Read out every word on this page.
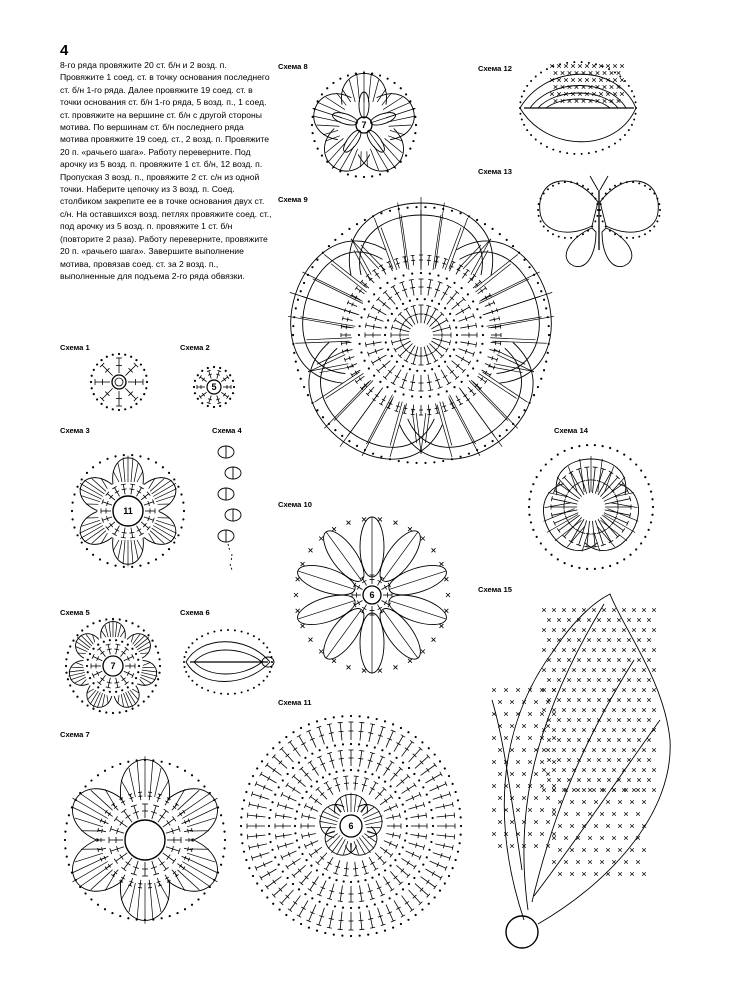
4

8-го ряда провяжите 20 ст. б/н и 2 возд. п. Провяжите 1 соед. ст. в точку основания последнего ст. б/н 1-го ряда. Далее провяжите 19 соед. ст. в точки основания ст. б/н 1-го ряда, 5 возд. п., 1 соед. ст. провяжите на вершине ст. б/н с другой стороны мотива. По вершинам ст. б/н последнего ряда мотива провяжите 19 соед. ст., 2 возд. п. Провяжите 20 п. «рачьего шага». Работу переверните. Под арочку из 5 возд. п. провяжите 1 ст. б/н, 12 возд. п. Пропуская 3 возд. п., провяжите 2 ст. с/н из одной точки. Наберите цепочку из 3 возд. п. Соед. столбиком закрепите ее в точке основания двух ст. с/н. На оставшихся возд. петлях провяжите соед. ст., под арочку из 5 возд. п. провяжите 1 ст. б/н (повторите 2 раза). Работу переверните, провяжите 20 п. «рачьего шага». Завершите выполнение мотива, провязав соед. ст. за 2 возд. п., выполненные для подъема 2-го ряда обвязки.

Схема 1	Схема 2
Схема 3	Схема 4
Схема 5	Схема 6
Схема 7
Схема 8
Схема 9
Схема 10
Схема 11
Схема 12
Схема 13
Схема 14
Схема 15
5
11
7
7
6
6
